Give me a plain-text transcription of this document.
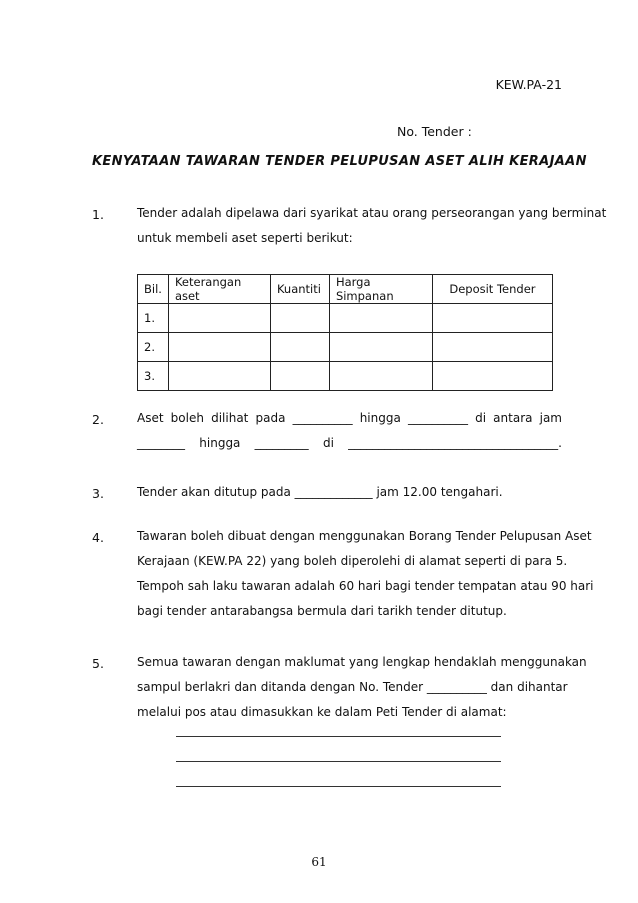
KEW.PA-21
No. Tender :
KENYATAAN TAWARAN TENDER PELUPUSAN ASET ALIH KERAJAAN
1.	Tender adalah dipelawa dari syarikat atau orang perseorangan yang berminat
untuk membeli aset seperti berikut:
Bil.	Keterangan aset	Kuantiti	Harga Simpanan	Deposit Tender
1.				
2.				
3.				
2.	Aset boleh dilihat pada __________ hingga __________ di antara jam
________ hingga _________ di ___________________________________.
3.	Tender akan ditutup pada _____________ jam 12.00 tengahari.
4.	Tawaran boleh dibuat dengan menggunakan Borang Tender Pelupusan Aset
Kerajaan (KEW.PA 22) yang boleh diperolehi di alamat seperti di para 5.
Tempoh sah laku tawaran adalah 60 hari bagi tender tempatan atau 90 hari
bagi tender antarabangsa bermula dari tarikh tender ditutup.
5.	Semua tawaran dengan maklumat yang lengkap hendaklah menggunakan
sampul berlakri dan ditanda dengan No. Tender __________ dan dihantar
melalui pos atau dimasukkan ke dalam Peti Tender di alamat:
61
